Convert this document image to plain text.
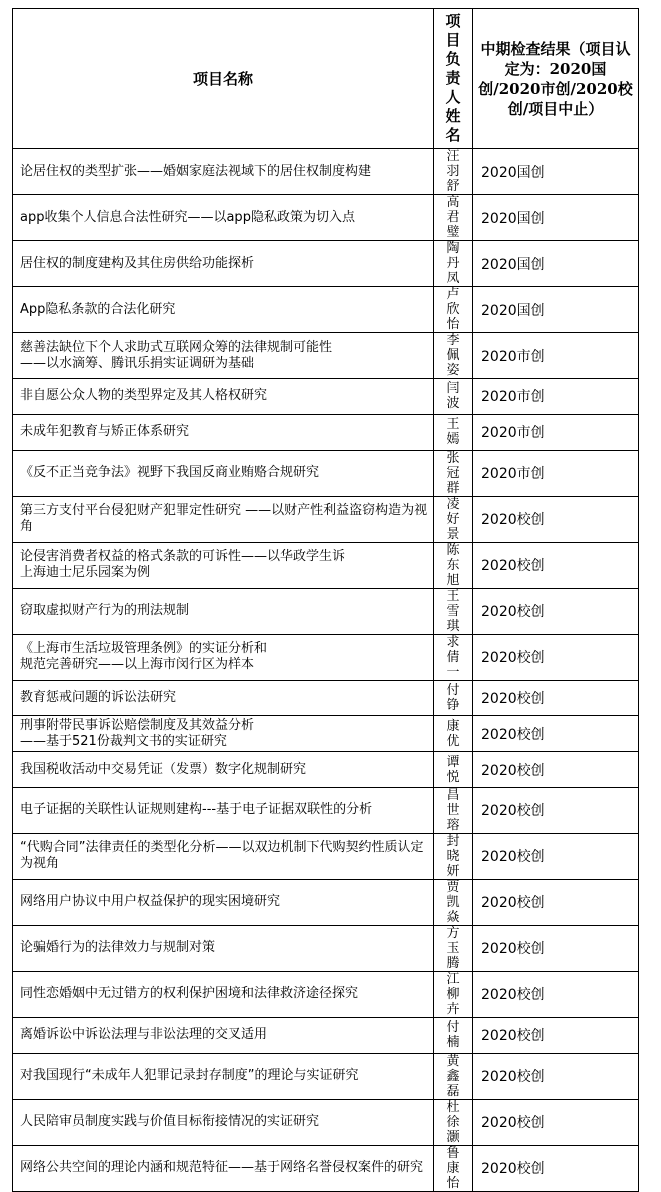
项目名称	项目负责人姓名	中期检查结果（项目认定为：2020国创/2020市创/2020校创/项目中止）

论居住权的类型扩张——婚姻家庭法视域下的居住权制度构建	汪羽舒	2020国创

app收集个人信息合法性研究——以app隐私政策为切入点	高君璧	2020国创

居住权的制度建构及其住房供给功能探析	陶丹凤	2020国创

App隐私条款的合法化研究	卢欣怡	2020国创

慈善法缺位下个人求助式互联网众筹的法律规制可能性
——以水滴筹、腾讯乐捐实证调研为基础	李佩姿	2020市创

非自愿公众人物的类型界定及其人格权研究	闫波	2020市创

未成年犯教育与矫正体系研究	王嫣	2020市创

《反不正当竞争法》视野下我国反商业贿赂合规研究	张冠群	2020市创

第三方支付平台侵犯财产犯罪定性研究 ——以财产性利益盗窃构造为视角	凌好景	2020校创

论侵害消费者权益的格式条款的可诉性——以华政学生诉
上海迪士尼乐园案为例	陈东旭	2020校创

窃取虚拟财产行为的刑法规制	王雪琪	2020校创

《上海市生活垃圾管理条例》的实证分析和
规范完善研究——以上海市闵行区为样本	求倩一	2020校创

教育惩戒问题的诉讼法研究	付铮	2020校创

刑事附带民事诉讼赔偿制度及其效益分析
——基于521份裁判文书的实证研究	康优	2020校创

我国税收活动中交易凭证（发票）数字化规制研究	谭悦	2020校创

电子证据的关联性认证规则建构---基于电子证据双联性的分析	昌世瑢	2020校创

“代购合同”法律责任的类型化分析——以双边机制下代购契约性质认定为视角	封晓妍	2020校创

网络用户协议中用户权益保护的现实困境研究	贾凯焱	2020校创

论骗婚行为的法律效力与规制对策	方玉腾	2020校创

同性恋婚姻中无过错方的权利保护困境和法律救济途径探究	江柳卉	2020校创

离婚诉讼中诉讼法理与非讼法理的交叉适用	付楠	2020校创

对我国现行“未成年人犯罪记录封存制度”的理论与实证研究	黄鑫磊	2020校创

人民陪审员制度实践与价值目标衔接情况的实证研究	杜徐灏	2020校创

网络公共空间的理论内涵和规范特征——基于网络名誉侵权案件的研究	鲁康怡	2020校创
